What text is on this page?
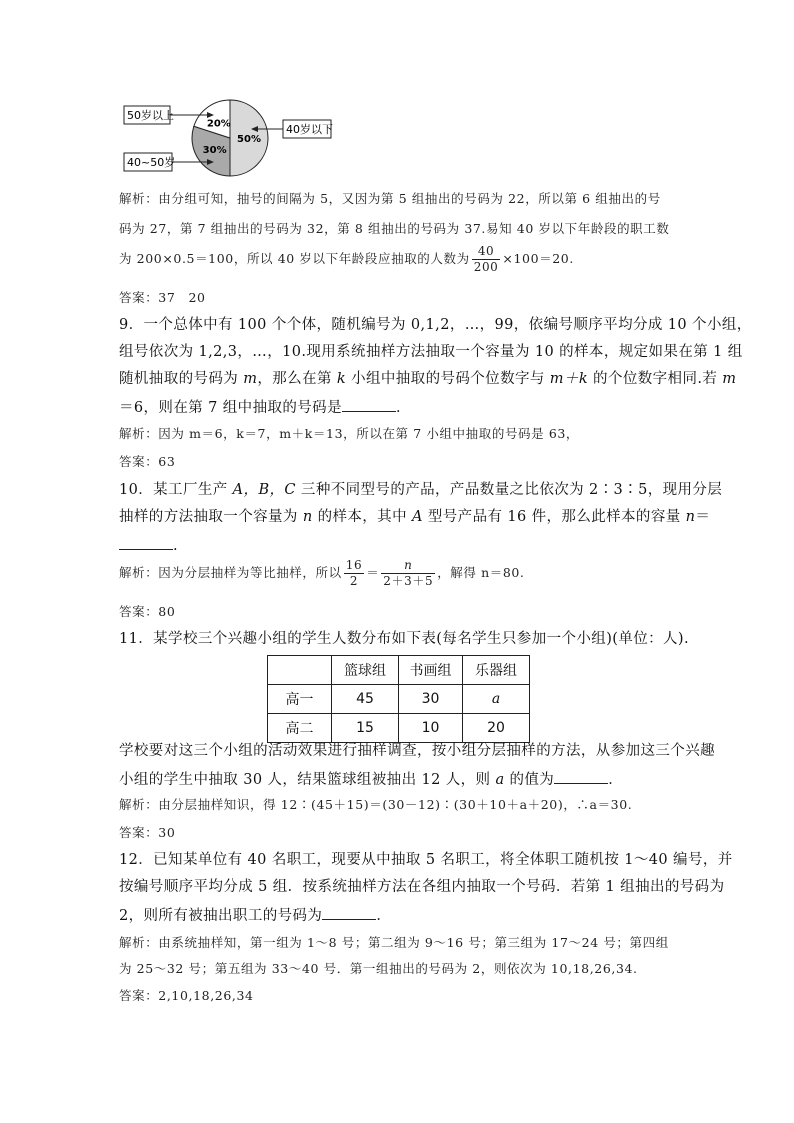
50%
30%
20%
50岁以上
40~50岁
40岁以下
解析：由分组可知，抽号的间隔为 5，又因为第 5 组抽出的号码为 22，所以第 6 组抽出的号
码为 27，第 7 组抽出的号码为 32，第 8 组抽出的号码为 37.易知 40 岁以下年龄段的职工数
为 200×0.5＝100，所以 40 岁以下年龄段应抽取的人数为 $\frac{40}{200} \times 100=20$.
答案：37　20
9．一个总体中有 100 个个体，随机编号为 0,1,2，…，99，依编号顺序平均分成 10 个小组，
组号依次为 1,2,3，…，10.现用系统抽样方法抽取一个容量为 10 的样本，规定如果在第 1 组
随机抽取的号码为 m，那么在第 k 小组中抽取的号码个位数字与 m＋k 的个位数字相同.若 m
＝6，则在第 7 组中抽取的号码是	．
解析：因为 m＝6，k＝7，m＋k＝13，所以在第 7 小组中抽取的号码是 63，
答案：63
10．某工厂生产 A，B，C 三种不同型号的产品，产品数量之比依次为 2∶3∶5，现用分层
抽样的方法抽取一个容量为 n 的样本，其中 A 型号产品有 16 件，那么此样本的容量 n＝
.
解析：因为分层抽样为等比抽样，所以 $\frac{16}{2} = \frac{n}{2+3+5}$ ，解得 n＝80.
答案：80
11．某学校三个兴趣小组的学生人数分布如下表(每名学生只参加一个小组)(单位：人).
	篮球组	书画组	乐器组
高一	45	30	a
高二	15	10	20
学校要对这三个小组的活动效果进行抽样调查，按小组分层抽样的方法，从参加这三个兴趣
小组的学生中抽取 30 人，结果篮球组被抽出 12 人，则 a 的值为	．
解析：由分层抽样知识，得 12∶(45＋15)＝(30－12)∶(30＋10＋a＋20)，∴a＝30.
答案：30
12．已知某单位有 40 名职工，现要从中抽取 5 名职工，将全体职工随机按 1～40 编号，并
按编号顺序平均分成 5 组．按系统抽样方法在各组内抽取一个号码．若第 1 组抽出的号码为
2，则所有被抽出职工的号码为	．
解析：由系统抽样知，第一组为 1～8 号；第二组为 9～16 号；第三组为 17～24 号；第四组
为 25～32 号；第五组为 33～40 号．第一组抽出的号码为 2，则依次为 10,18,26,34.
答案：2,10,18,26,34
